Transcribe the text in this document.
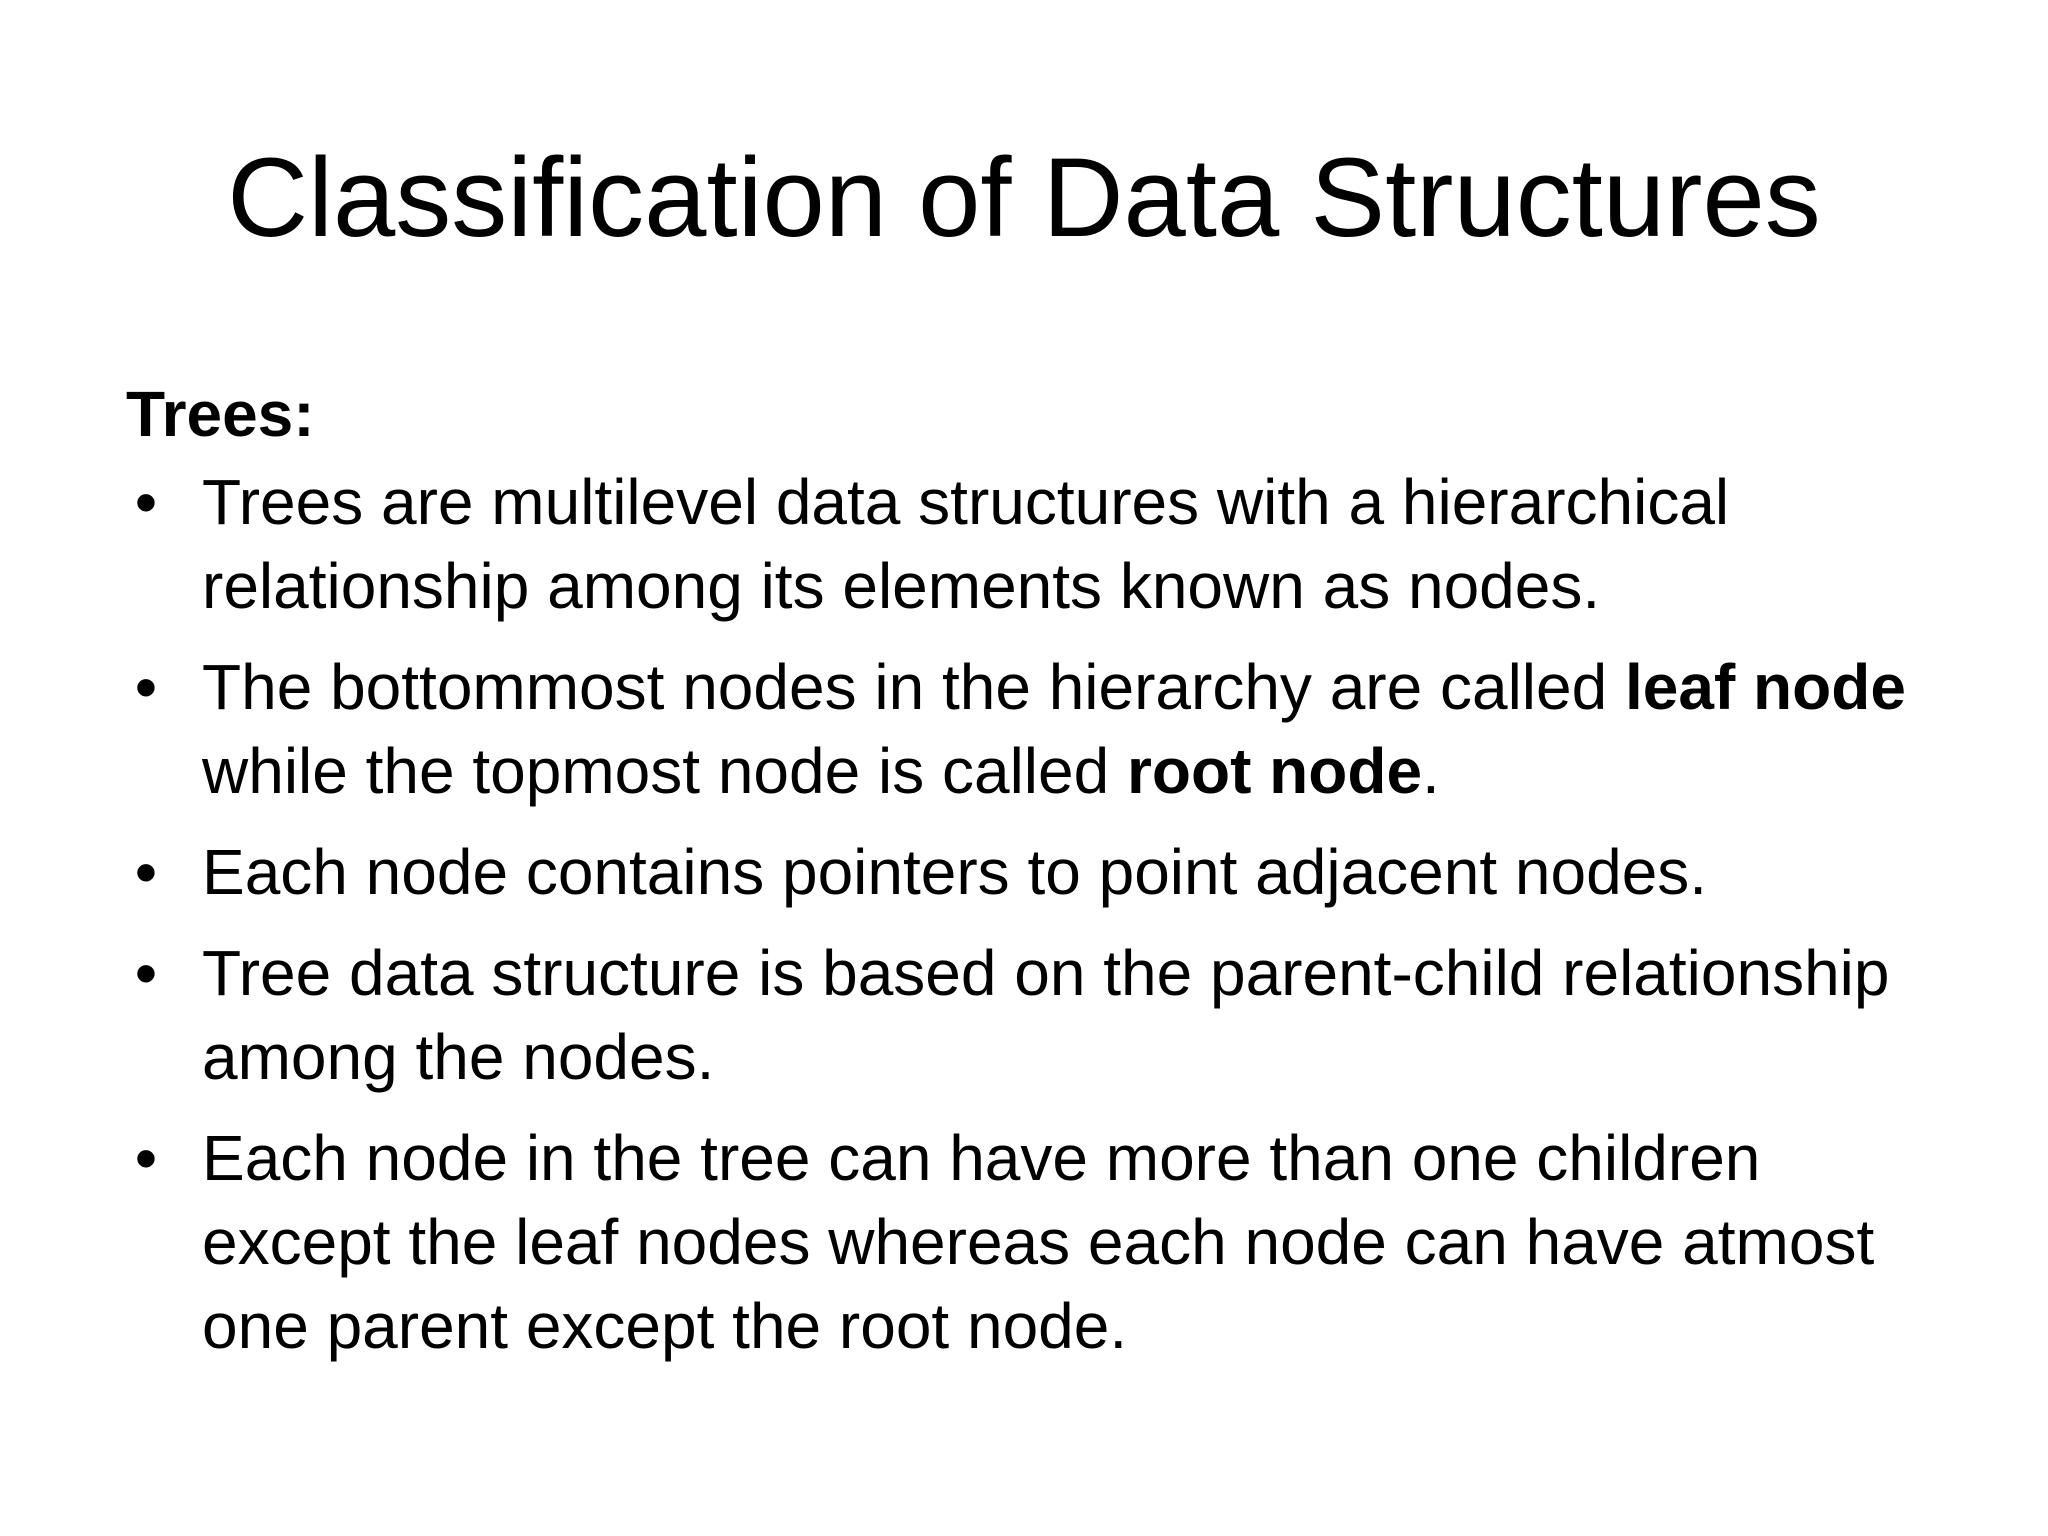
Classification of Data Structures
Trees:
• Trees are multilevel data structures with a hierarchical relationship among its elements known as nodes.
• The bottommost nodes in the hierarchy are called leaf node while the topmost node is called root node.
• Each node contains pointers to point adjacent nodes.
• Tree data structure is based on the parent-child relationship among the nodes.
• Each node in the tree can have more than one children except the leaf nodes whereas each node can have atmost one parent except the root node.
